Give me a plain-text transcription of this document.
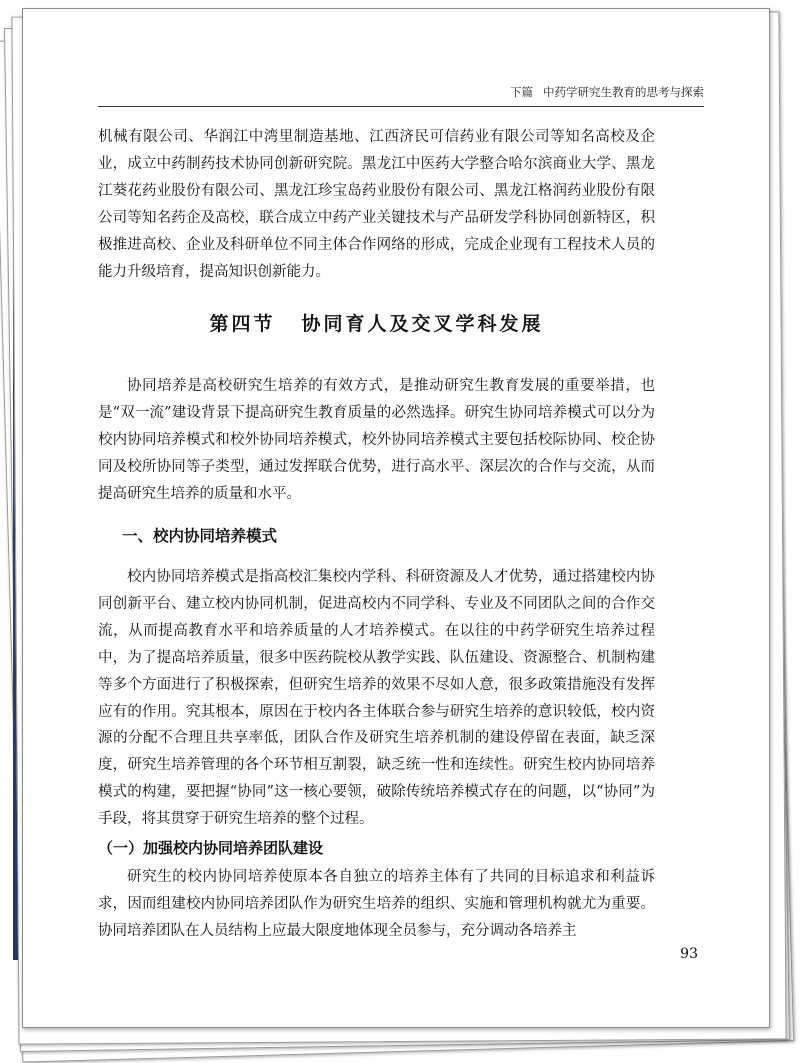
下篇 中药学研究生教育的思考与探索

机械有限公司、华润江中湾里制造基地、江西济民可信药业有限公司等知名高校及企业，成立中药制药技术协同创新研究院。黑龙江中医药大学整合哈尔滨商业大学、黑龙江葵花药业股份有限公司、黑龙江珍宝岛药业股份有限公司、黑龙江格润药业股份有限公司等知名药企及高校，联合成立中药产业关键技术与产品研发学科协同创新特区，积极推进高校、企业及科研单位不同主体合作网络的形成，完成企业现有工程技术人员的能力升级培育，提高知识创新能力。

第四节 协同育人及交叉学科发展

协同培养是高校研究生培养的有效方式，是推动研究生教育发展的重要举措，也是“双一流”建设背景下提高研究生教育质量的必然选择。研究生协同培养模式可以分为校内协同培养模式和校外协同培养模式，校外协同培养模式主要包括校际协同、校企协同及校所协同等子类型，通过发挥联合优势，进行高水平、深层次的合作与交流，从而提高研究生培养的质量和水平。

一、校内协同培养模式

校内协同培养模式是指高校汇集校内学科、科研资源及人才优势，通过搭建校内协同创新平台、建立校内协同机制，促进高校内不同学科、专业及不同团队之间的合作交流，从而提高教育水平和培养质量的人才培养模式。在以往的中药学研究生培养过程中，为了提高培养质量，很多中医药院校从教学实践、队伍建设、资源整合、机制构建等多个方面进行了积极探索，但研究生培养的效果不尽如人意，很多政策措施没有发挥应有的作用。究其根本，原因在于校内各主体联合参与研究生培养的意识较低，校内资源的分配不合理且共享率低，团队合作及研究生培养机制的建设停留在表面，缺乏深度，研究生培养管理的各个环节相互割裂，缺乏统一性和连续性。研究生校内协同培养模式的构建，要把握“协同”这一核心要领，破除传统培养模式存在的问题，以“协同”为手段，将其贯穿于研究生培养的整个过程。

（一）加强校内协同培养团队建设

研究生的校内协同培养使原本各自独立的培养主体有了共同的目标追求和利益诉求，因而组建校内协同培养团队作为研究生培养的组织、实施和管理机构就尤为重要。协同培养团队在人员结构上应最大限度地体现全员参与，充分调动各培养主

93
